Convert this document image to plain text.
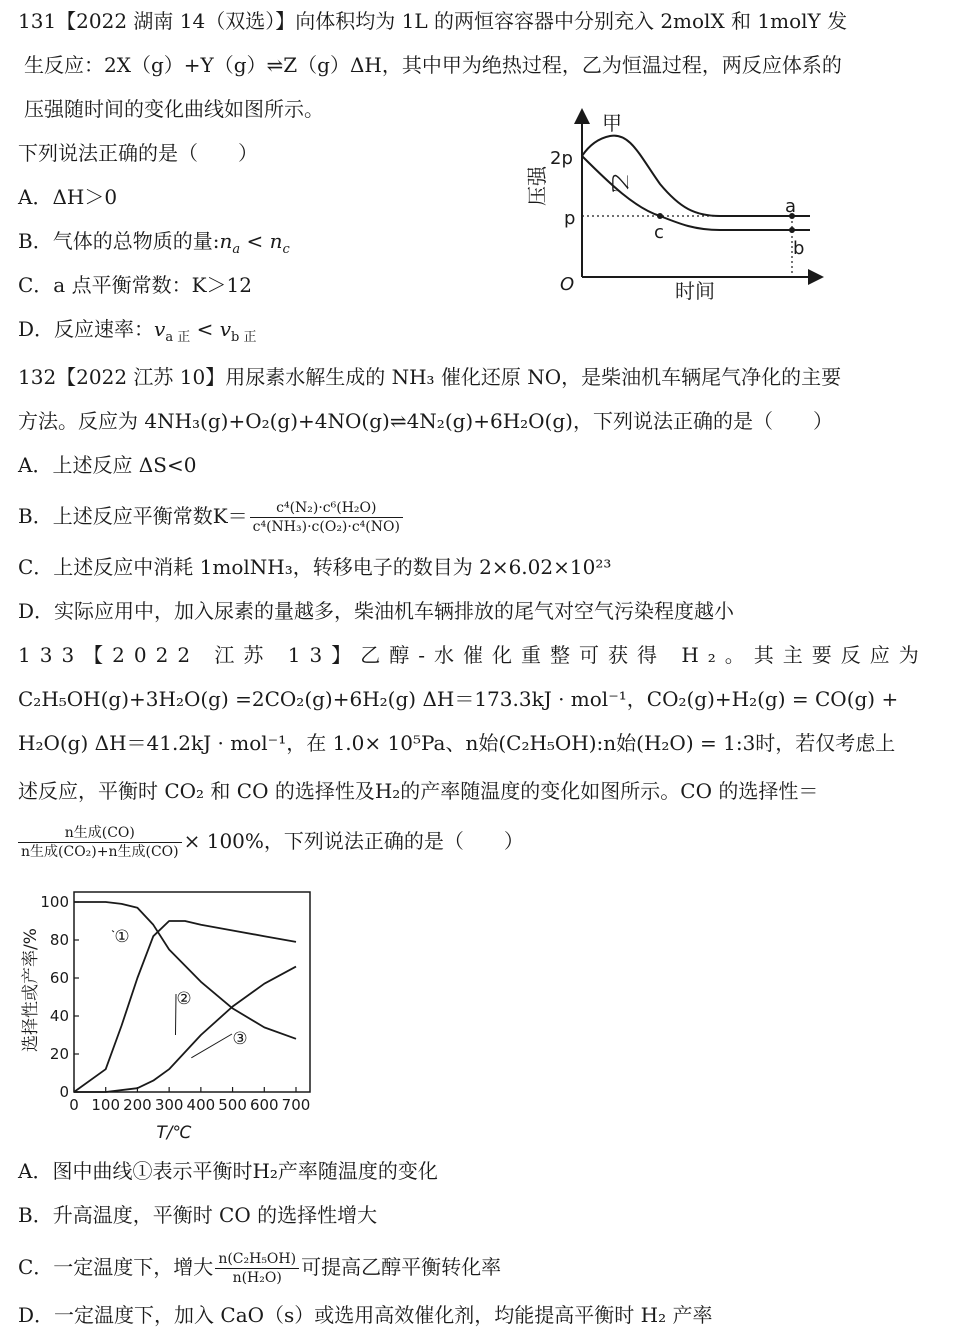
131【2022 湖南 14（双选）】向体积均为 1L 的两恒容容器中分别充入 2molX 和 1molY 发
生反应：2X（g）+Y（g）⇌Z（g）ΔH，其中甲为绝热过程，乙为恒温过程，两反应体系的
压强随时间的变化曲线如图所示。
下列说法正确的是（　　）
A．ΔH＞0
B．气体的总物质的量$:n_a < n_c$
C．a 点平衡常数：K＞12
D．反应速率：$v_{a 正} < v_{b 正}$
甲
乙
2p
p
O
a
b
c
时间
压强
132【2022 江苏 10】用尿素水解生成的 NH₃ 催化还原 NO，是柴油机车辆尾气净化的主要
方法。反应为 4NH₃(g)+O₂(g)+4NO(g)⇌4N₂(g)+6H₂O(g)，下列说法正确的是（　　）
A．上述反应 ΔS<0
B．上述反应平衡常数$K= \frac{\text{c⁴(N₂)·c⁶(H₂O)}}{\text{c⁴(NH₃)·c(O₂)·c⁴(NO)}}$
C．上述反应中消耗 1molNH₃，转移电子的数目为 2×6.02×10²³
D．实际应用中，加入尿素的量越多，柴油机车辆排放的尾气对空气污染程度越小
133【2022 江苏 13】乙醇-水催化重整可获得 H₂。其主要反应为
C₂H₅OH(g)+3H₂O(g) =2CO₂(g)+6H₂(g) ΔH＝173.3kJ · mol⁻¹，CO₂(g)+H₂(g) = CO(g) +
H₂O(g) ΔH＝41.2kJ · mol⁻¹，在 1.0× 10⁵Pa、n始(C₂H₅OH):n始(H₂O) = 1:3时，若仅考虑上
述反应，平衡时 CO₂ 和 CO 的选择性及H₂的产率随温度的变化如图所示。CO 的选择性＝
$\frac{\text{n生成(CO)}}{\text{n生成(CO₂)+n生成(CO)}} \times 100\%$，下列说法正确的是（　　）
0 100 200 300 400 500 600 700
0
20
40
60
80
100
①
②
③
T/℃
选择性或产率/%
A．图中曲线①表示平衡时H₂产率随温度的变化
B．升高温度，平衡时 CO 的选择性增大
C．一定温度下，增大 $\frac{\text{n(C₂H₅OH)}}{\text{n(H₂O)}}$ 可提高乙醇平衡转化率
D．一定温度下，加入 CaO（s）或选用高效催化剂，均能提高平衡时 H₂ 产率
